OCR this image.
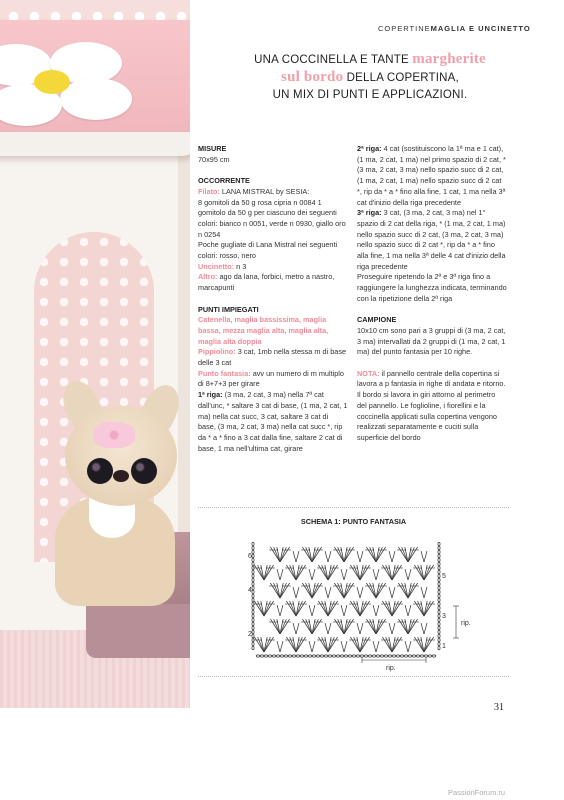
COPERTINEMAGLIA E UNCINETTO
UNA COCCINELLA E TANTE margherite
sul bordo DELLA COPERTINA,
UN MIX DI PUNTI E APPLICAZIONI.
MISURE
70x95 cm
OCCORRENTE
Filato: LANA MISTRAL by SESIA:
8 gomitoli da 50 g rosa cipria n 0084 1 gomitolo da 50 g per ciascuno dei seguenti colori: bianco n 0051, verde n 0930, giallo oro n 0254
Poche gugliate di Lana Mistral nei seguenti colori: rosso, nero
Uncinetto: n 3
Altro: ago da lana, forbici, metro a nastro, marcapunti
PUNTI IMPIEGATI
Catenella, maglia bassissima, maglia bassa, mezza maglia alta, maglia alta, maglia alta doppia
Pippiolino: 3 cat, 1mb nella stessa m di base delle 3 cat
Punto fantasia: avv un numero di m multiplo di 8+7+3 per girare
1ª riga: (3 ma, 2 cat, 3 ma) nella 7ª cat dall'unc, * saltare 3 cat di base, (1 ma, 2 cat, 1 ma) nella cat succ, 3 cat, saltare 3 cat di base, (3 ma, 2 cat, 3 ma) nella cat succ *, rip da * a * fino a 3 cat dalla fine, saltare 2 cat di base, 1 ma nell'ultima cat, girare
2ª riga: 4 cat (sostituiscono la 1ª ma e 1 cat), (1 ma, 2 cat, 1 ma) nel primo spazio di 2 cat, * (3 ma, 2 cat, 3 ma) nello spazio succ di 2 cat, (1 ma, 2 cat, 1 ma) nello spazio succ di 2 cat *, rip da * a * fino alla fine, 1 cat, 1 ma nella 3ª cat d'inizio della riga precedente
3ª riga: 3 cat, (3 ma, 2 cat, 3 ma) nel 1° spazio di 2 cat della riga, * (1 ma, 2 cat, 1 ma) nello spazio succ di 2 cat, (3 ma, 2 cat, 3 ma) nello spazio succ di 2 cat *, rip da * a * fino alla fine, 1 ma nella 3ª delle 4 cat d'inizio della riga precedente
Proseguire ripetendo la 2ª e 3ª riga fino a raggiungere la lunghezza indicata, terminando con la ripetizione della 2ª riga
CAMPIONE
10x10 cm sono pari a 3 gruppi di (3 ma, 2 cat, 3 ma) intervallati da 2 gruppi di (1 ma, 2 cat, 1 ma) del punto fantasia per 10 righe.
NOTA: il pannello centrale della copertina si lavora a p fantasia in righe di andata e ritorno. Il bordo si lavora in giri attorno al perimetro del pannello. Le foglioline, i fiorellini e la coccinella applicati sulla copertina vengono realizzati separatamente e cuciti sulla superficie del bordo
SCHEMA 1: PUNTO FANTASIA
6
4
2
5
3
1
rip.
rip.
31
PassionForum.ru
